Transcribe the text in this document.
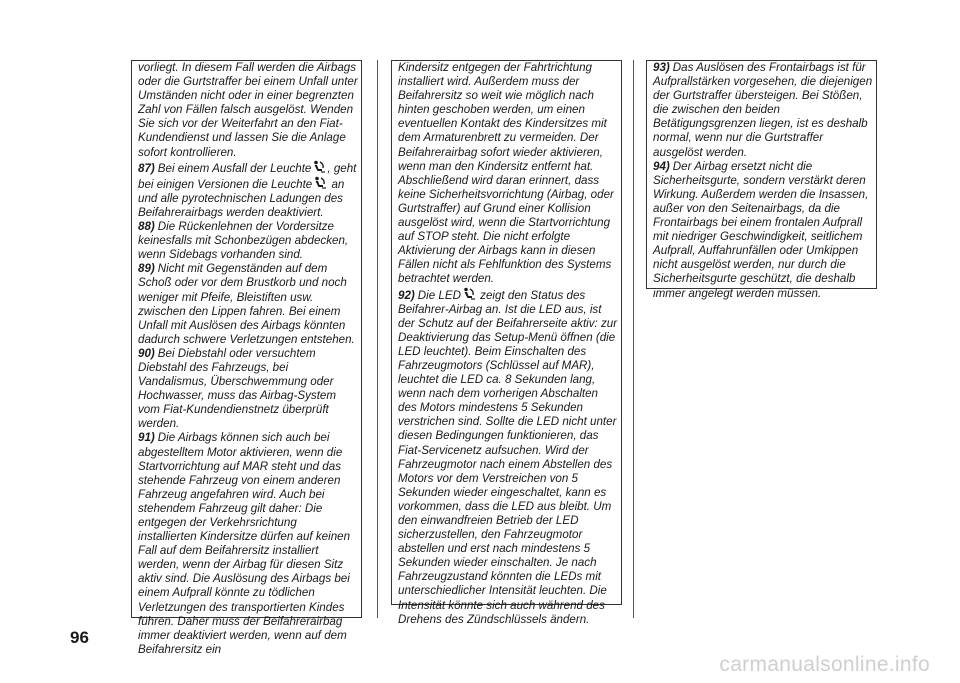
vorliegt. In diesem Fall werden die Airbags oder die Gurtstraffer bei einem Unfall unter Umständen nicht oder in einer begrenzten Zahl von Fällen falsch ausgelöst. Wenden Sie sich vor der Weiterfahrt an den Fiat-Kundendienst und lassen Sie die Anlage sofort kontrollieren.

87) Bei einem Ausfall der Leuchte , geht bei einigen Versionen die Leuchte an und alle pyrotechnischen Ladungen des Beifahrerairbags werden deaktiviert.

88) Die Rückenlehnen der Vordersitze keinesfalls mit Schonbezügen abdecken, wenn Sidebags vorhanden sind.

89) Nicht mit Gegenständen auf dem Schoß oder vor dem Brustkorb und noch weniger mit Pfeife, Bleistiften usw. zwischen den Lippen fahren. Bei einem Unfall mit Auslösen des Airbags könnten dadurch schwere Verletzungen entstehen.

90) Bei Diebstahl oder versuchtem Diebstahl des Fahrzeugs, bei Vandalismus, Überschwemmung oder Hochwasser, muss das Airbag-System vom Fiat-Kundendienstnetz überprüft werden.

91) Die Airbags können sich auch bei abgestelltem Motor aktivieren, wenn die Startvorrichtung auf MAR steht und das stehende Fahrzeug von einem anderen Fahrzeug angefahren wird. Auch bei stehendem Fahrzeug gilt daher: Die entgegen der Verkehrsrichtung installierten Kindersitze dürfen auf keinen Fall auf dem Beifahrersitz installiert werden, wenn der Airbag für diesen Sitz aktiv sind. Die Auslösung des Airbags bei einem Aufprall könnte zu tödlichen Verletzungen des transportierten Kindes führen. Daher muss der Beifahrerairbag immer deaktiviert werden, wenn auf dem Beifahrersitz ein

Kindersitz entgegen der Fahrtrichtung installiert wird. Außerdem muss der Beifahrersitz so weit wie möglich nach hinten geschoben werden, um einen eventuellen Kontakt des Kindersitzes mit dem Armaturenbrett zu vermeiden. Der Beifahrerairbag sofort wieder aktivieren, wenn man den Kindersitz entfernt hat. Abschließend wird daran erinnert, dass keine Sicherheitsvorrichtung (Airbag, oder Gurtstraffer) auf Grund einer Kollision ausgelöst wird, wenn die Startvorrichtung auf STOP steht. Die nicht erfolgte Aktivierung der Airbags kann in diesen Fällen nicht als Fehlfunktion des Systems betrachtet werden.

92) Die LED zeigt den Status des Beifahrer-Airbag an. Ist die LED aus, ist der Schutz auf der Beifahrerseite aktiv: zur Deaktivierung das Setup-Menü öffnen (die LED leuchtet). Beim Einschalten des Fahrzeugmotors (Schlüssel auf MAR), leuchtet die LED ca. 8 Sekunden lang, wenn nach dem vorherigen Abschalten des Motors mindestens 5 Sekunden verstrichen sind. Sollte die LED nicht unter diesen Bedingungen funktionieren, das Fiat-Servicenetz aufsuchen. Wird der Fahrzeugmotor nach einem Abstellen des Motors vor dem Verstreichen von 5 Sekunden wieder eingeschaltet, kann es vorkommen, dass die LED aus bleibt. Um den einwandfreien Betrieb der LED sicherzustellen, den Fahrzeugmotor abstellen und erst nach mindestens 5 Sekunden wieder einschalten. Je nach Fahrzeugzustand könnten die LEDs mit unterschiedlicher Intensität leuchten. Die Intensität könnte sich auch während des Drehens des Zündschlüssels ändern.

93) Das Auslösen des Frontairbags ist für Aufprallstärken vorgesehen, die diejenigen der Gurtstraffer übersteigen. Bei Stößen, die zwischen den beiden Betätigungsgrenzen liegen, ist es deshalb normal, wenn nur die Gurtstraffer ausgelöst werden.

94) Der Airbag ersetzt nicht die Sicherheitsgurte, sondern verstärkt deren Wirkung. Außerdem werden die Insassen, außer von den Seitenairbags, da die Frontairbags bei einem frontalen Aufprall mit niedriger Geschwindigkeit, seitlichem Aufprall, Auffahrunfällen oder Umkippen nicht ausgelöst werden, nur durch die Sicherheitsgurte geschützt, die deshalb immer angelegt werden müssen.

96
carmanualsonline.info
